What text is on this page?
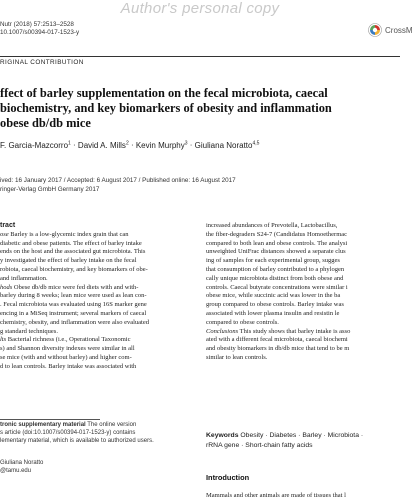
Author's personal copy
Nutr (2018) 57:2513–2528
10.1007/s00394-017-1523-y	CrossM
RIGINAL CONTRIBUTION
ffect of barley supplementation on the fecal microbiota, caecal
biochemistry, and key biomarkers of obesity and inflammation
obese db/db mice
F. Garcia-Mazcorro$^1$ · David A. Mills$^2$ · Kevin Murphy$^3$ · Giuliana Noratto$^{4,5}$
ived: 16 January 2017 / Accepted: 6 August 2017 / Published online: 16 August 2017
ringer-Verlag GmbH Germany 2017
tract
ose Barley is a low-glycemic index grain that can
diabetic and obese patients. The effect of barley intake
ends on the host and the associated gut microbiota. This
y investigated the effect of barley intake on the fecal
robiota, caecal biochemistry, and key biomarkers of obe-
and inflammation.
hods Obese db/db mice were fed diets with and with-
barley during 8 weeks; lean mice were used as lean con-
. Fecal microbiota was evaluated using 16S marker gene
encing in a MiSeq instrument; several markers of caecal
chemistry, obesity, and inflammation were also evaluated
g standard techniques.
lts Bacterial richness (i.e., Operational Taxonomic
s) and Shannon diversity indexes were similar in all
se mice (with and without barley) and higher com-
d to lean controls. Barley intake was associated with
tronic supplementary material The online version
s article (doi:10.1007/s00394-017-1523-y) contains
lementary material, which is available to authorized users.
Giuliana Noratto
@tamu.edu
increased abundances of Prevotella, Lactobacillus,
the fiber-degraders S24-7 (Candidatus Homoethermac
compared to both lean and obese controls. The analysi
unweighted UniFrac distances showed a separate clus
ing of samples for each experimental group, sugges
that consumption of barley contributed to a phylogen
cally unique microbiota distinct from both obese and
controls. Caecal butyrate concentrations were similar i
obese mice, while succinic acid was lower in the ba
group compared to obese controls. Barley intake was
associated with lower plasma insulin and resistin le
compared to obese controls.
Conclusions This study shows that barley intake is asso
ated with a different fecal microbiota, caecal biochemi
and obesity biomarkers in db/db mice that tend to be m
similar to lean controls.
Keywords Obesity · Diabetes · Barley · Microbiota ·
rRNA gene · Short-chain fatty acids
Introduction
Mammals and other animals are made of tissues that l
